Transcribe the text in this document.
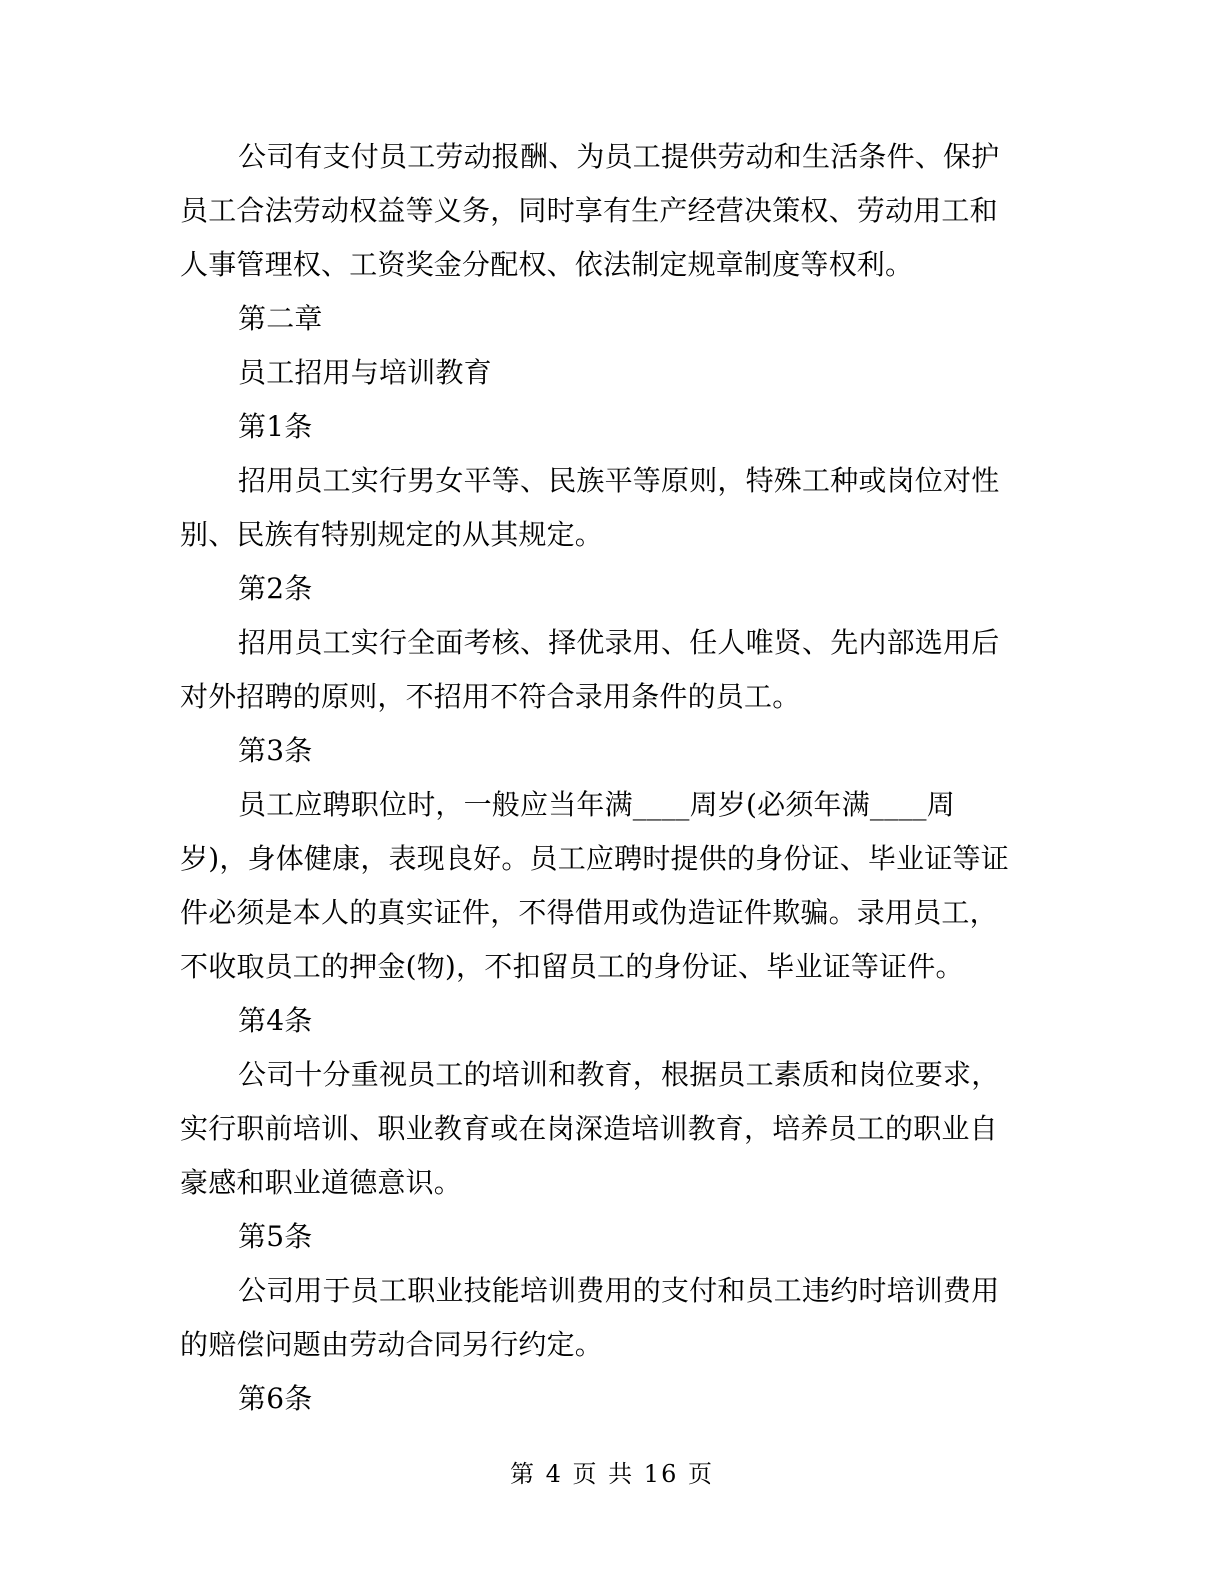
公司有支付员工劳动报酬、为员工提供劳动和生活条件、保护员工合法劳动权益等义务，同时享有生产经营决策权、劳动用工和人事管理权、工资奖金分配权、依法制定规章制度等权利。

第二章

员工招用与培训教育

第1条

招用员工实行男女平等、民族平等原则，特殊工种或岗位对性别、民族有特别规定的从其规定。

第2条

招用员工实行全面考核、择优录用、任人唯贤、先内部选用后对外招聘的原则，不招用不符合录用条件的员工。

第3条

员工应聘职位时，一般应当年满____周岁(必须年满____周岁)，身体健康，表现良好。员工应聘时提供的身份证、毕业证等证件必须是本人的真实证件，不得借用或伪造证件欺骗。录用员工，不收取员工的押金(物)，不扣留员工的身份证、毕业证等证件。

第4条

公司十分重视员工的培训和教育，根据员工素质和岗位要求，实行职前培训、职业教育或在岗深造培训教育，培养员工的职业自豪感和职业道德意识。

第5条

公司用于员工职业技能培训费用的支付和员工违约时培训费用的赔偿问题由劳动合同另行约定。

第6条

第 4 页 共 16 页
